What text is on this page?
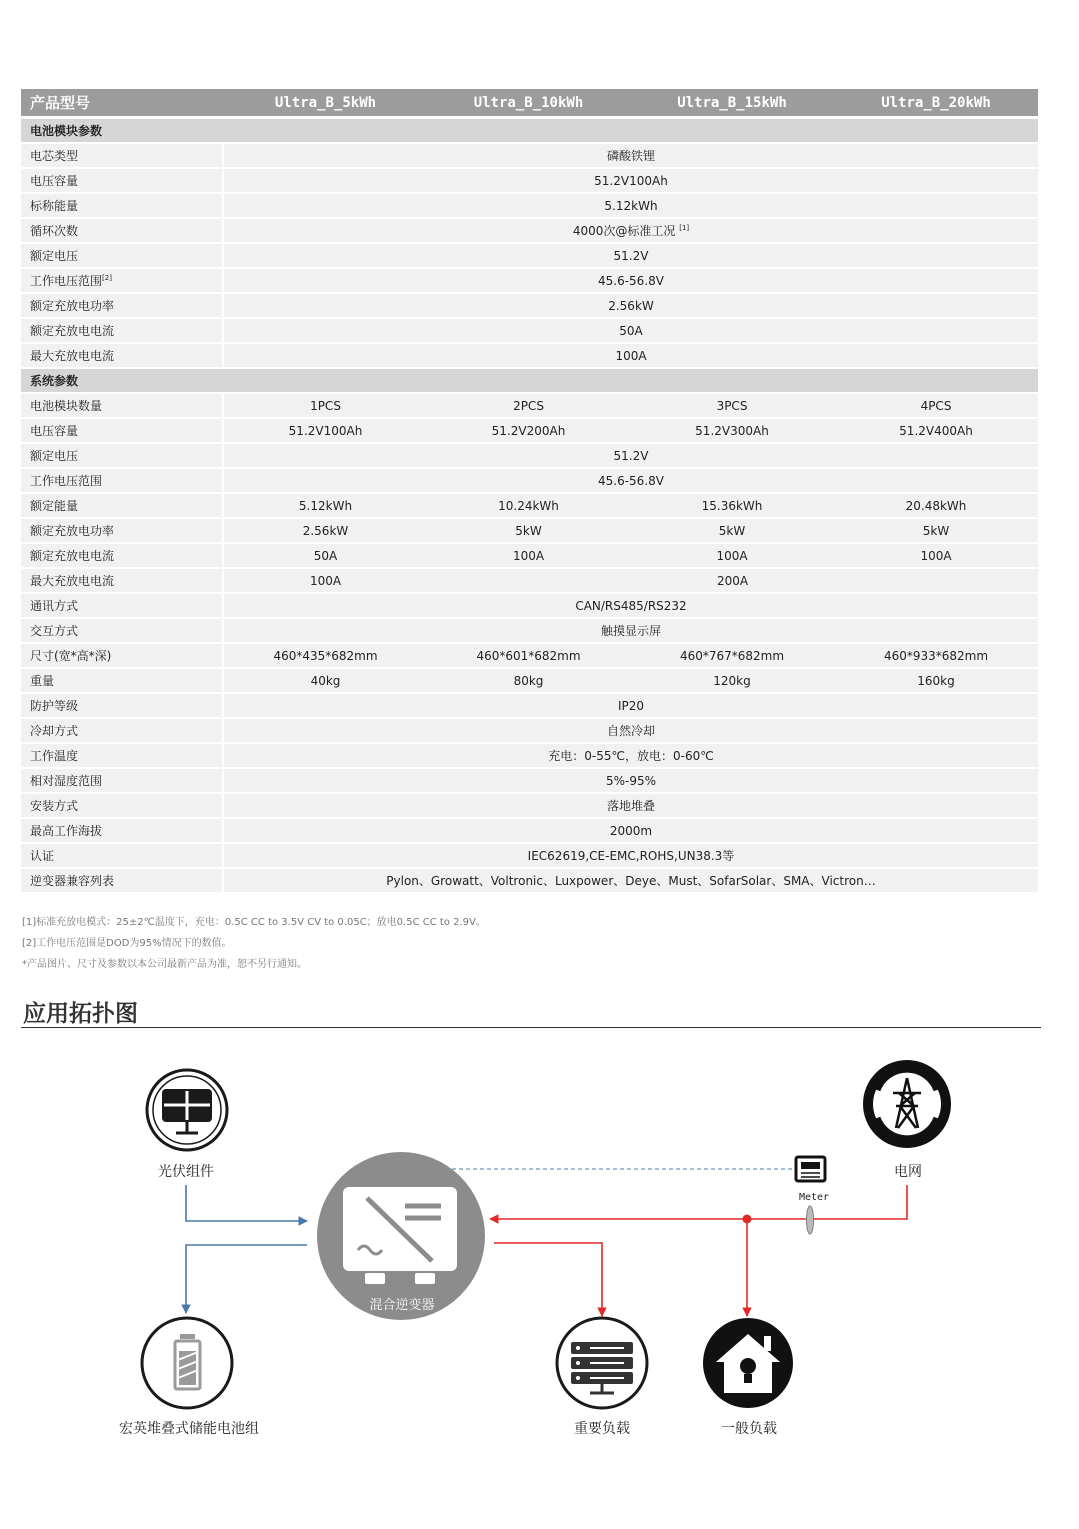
产品型号	Ultra_B_5kWh	Ultra_B_10kWh	Ultra_B_15kWh	Ultra_B_20kWh
电池模块参数				
电芯类型	磷酸铁锂			
电压容量	51.2V100Ah			
标称能量	5.12kWh			
循环次数	4000次@标准工况 [1]
额定电压	51.2V			
工作电压范围[2]	45.6-56.8V			
额定充放电功率	2.56kW			
额定充放电电流	50A			
最大充放电电流	100A			
系统参数				
电池模块数量	1PCS	2PCS	3PCS	4PCS
电压容量	51.2V100Ah	51.2V200Ah	51.2V300Ah	51.2V400Ah
额定电压	51.2V			
工作电压范围	45.6-56.8V			
额定能量	5.12kWh	10.24kWh	15.36kWh	20.48kWh
额定充放电功率	2.56kW	5kW	5kW	5kW
额定充放电电流	50A	100A	100A	100A
最大充放电电流	100A	200A		
通讯方式	CAN/RS485/RS232			
交互方式	触摸显示屏			
尺寸(宽*高*深)	460*435*682mm	460*601*682mm	460*767*682mm	460*933*682mm
重量	40kg	80kg	120kg	160kg
防护等级	IP20			
冷却方式	自然冷却			
工作温度	充电：0-55℃，放电：0-60℃			
相对湿度范围	5%-95%			
安装方式	落地堆叠			
最高工作海拔	2000m			
认证	IEC62619,CE-EMC,ROHS,UN38.3等			
逆变器兼容列表	Pylon、Growatt、Voltronic、Luxpower、Deye、Must、SofarSolar、SMA、Victron…			
[1]标准充放电模式：25±2℃温度下，充电：0.5C CC to 3.5V CV to 0.05C；放电0.5C CC to 2.9V。
[2]工作电压范围是DOD为95%情况下的数值。
*产品图片、尺寸及参数以本公司最新产品为准，恕不另行通知。
应用拓扑图
光伏组件	电网
Meter
混合逆变器
宏英堆叠式储能电池组	重要负载	一般负载
